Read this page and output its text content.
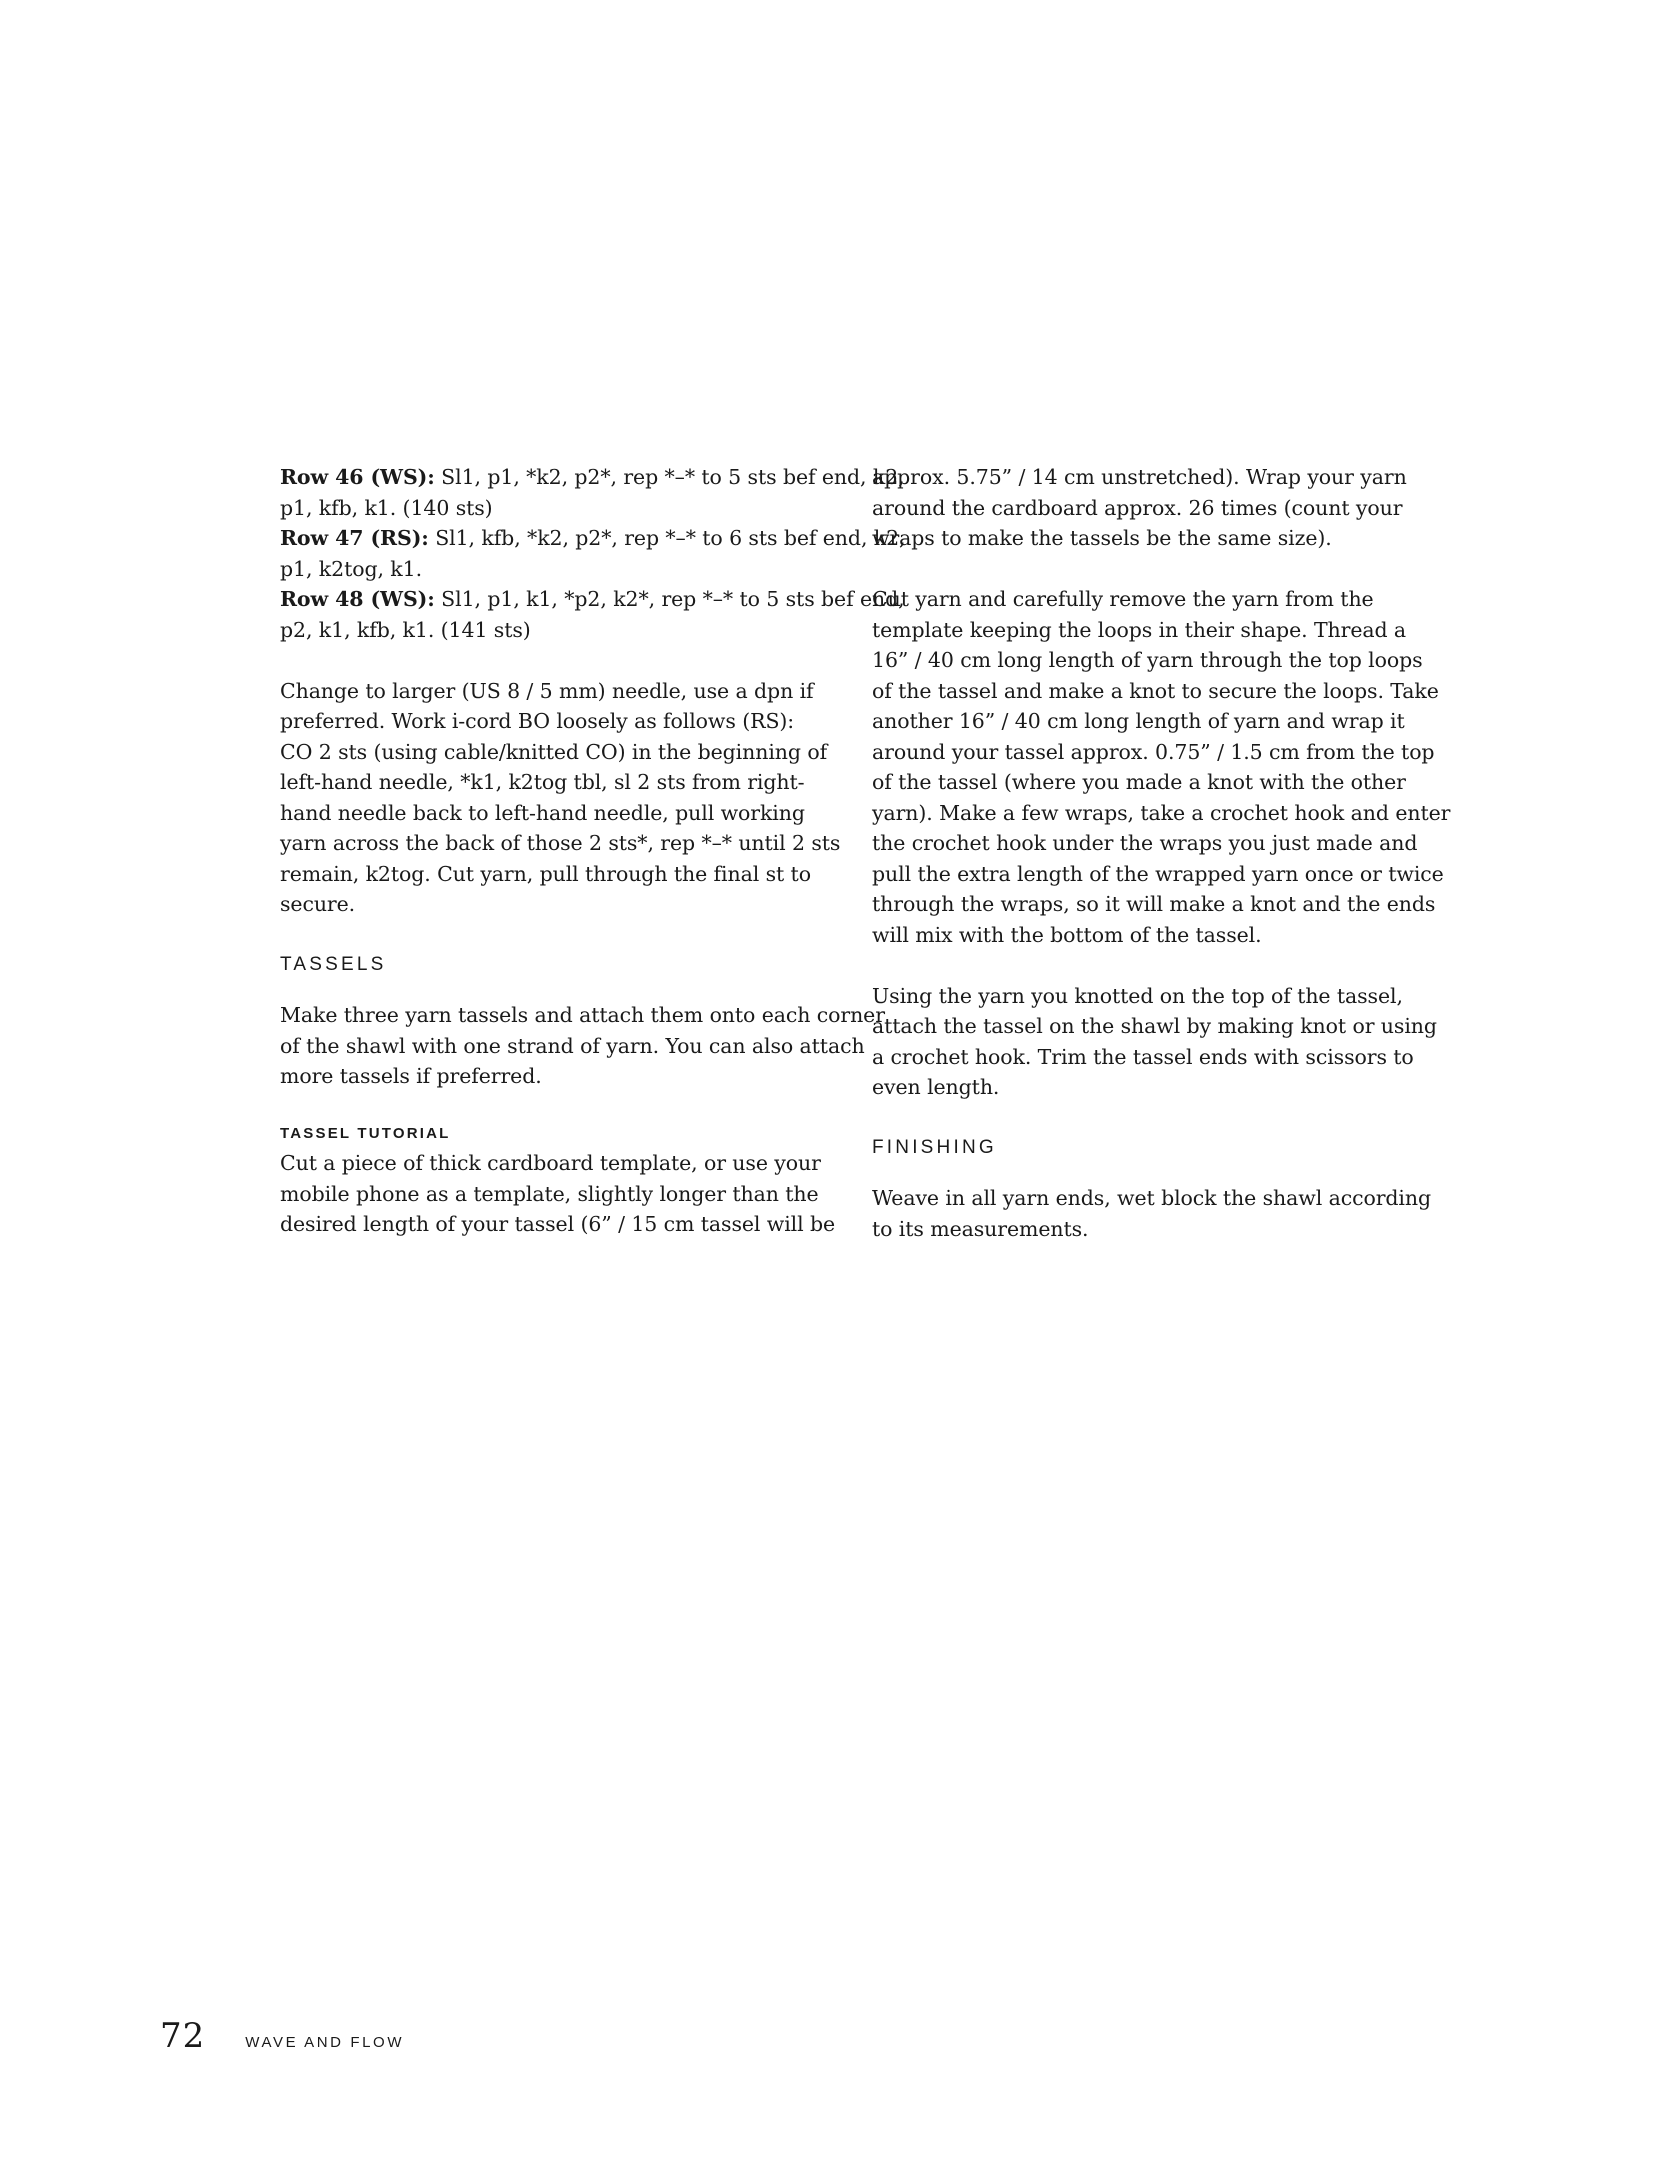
Row 46 (WS): Sl1, p1, *k2, p2*, rep *–* to 5 sts bef end, k2,
p1, kfb, k1. (140 sts)
Row 47 (RS): Sl1, kfb, *k2, p2*, rep *–* to 6 sts bef end, k2,
p1, k2tog, k1.
Row 48 (WS): Sl1, p1, k1, *p2, k2*, rep *–* to 5 sts bef end,
p2, k1, kfb, k1. (141 sts)
Change to larger (US 8 / 5 mm) needle, use a dpn if
preferred. Work i-cord BO loosely as follows (RS):
CO 2 sts (using cable/knitted CO) in the beginning of
left-hand needle, *k1, k2tog tbl, sl 2 sts from right-
hand needle back to left-hand needle, pull working
yarn across the back of those 2 sts*, rep *–* until 2 sts
remain, k2tog. Cut yarn, pull through the final st to
secure.
TASSELS
Make three yarn tassels and attach them onto each corner
of the shawl with one strand of yarn. You can also attach
more tassels if preferred.
TASSEL TUTORIAL
Cut a piece of thick cardboard template, or use your
mobile phone as a template, slightly longer than the
desired length of your tassel (6” / 15 cm tassel will be
approx. 5.75” / 14 cm unstretched). Wrap your yarn
around the cardboard approx. 26 times (count your
wraps to make the tassels be the same size).
Cut yarn and carefully remove the yarn from the
template keeping the loops in their shape. Thread a
16” / 40 cm long length of yarn through the top loops
of the tassel and make a knot to secure the loops. Take
another 16” / 40 cm long length of yarn and wrap it
around your tassel approx. 0.75” / 1.5 cm from the top
of the tassel (where you made a knot with the other
yarn). Make a few wraps, take a crochet hook and enter
the crochet hook under the wraps you just made and
pull the extra length of the wrapped yarn once or twice
through the wraps, so it will make a knot and the ends
will mix with the bottom of the tassel.
Using the yarn you knotted on the top of the tassel,
attach the tassel on the shawl by making knot or using
a crochet hook. Trim the tassel ends with scissors to
even length.
FINISHING
Weave in all yarn ends, wet block the shawl according
to its measurements.
72	WAVE AND FLOW
